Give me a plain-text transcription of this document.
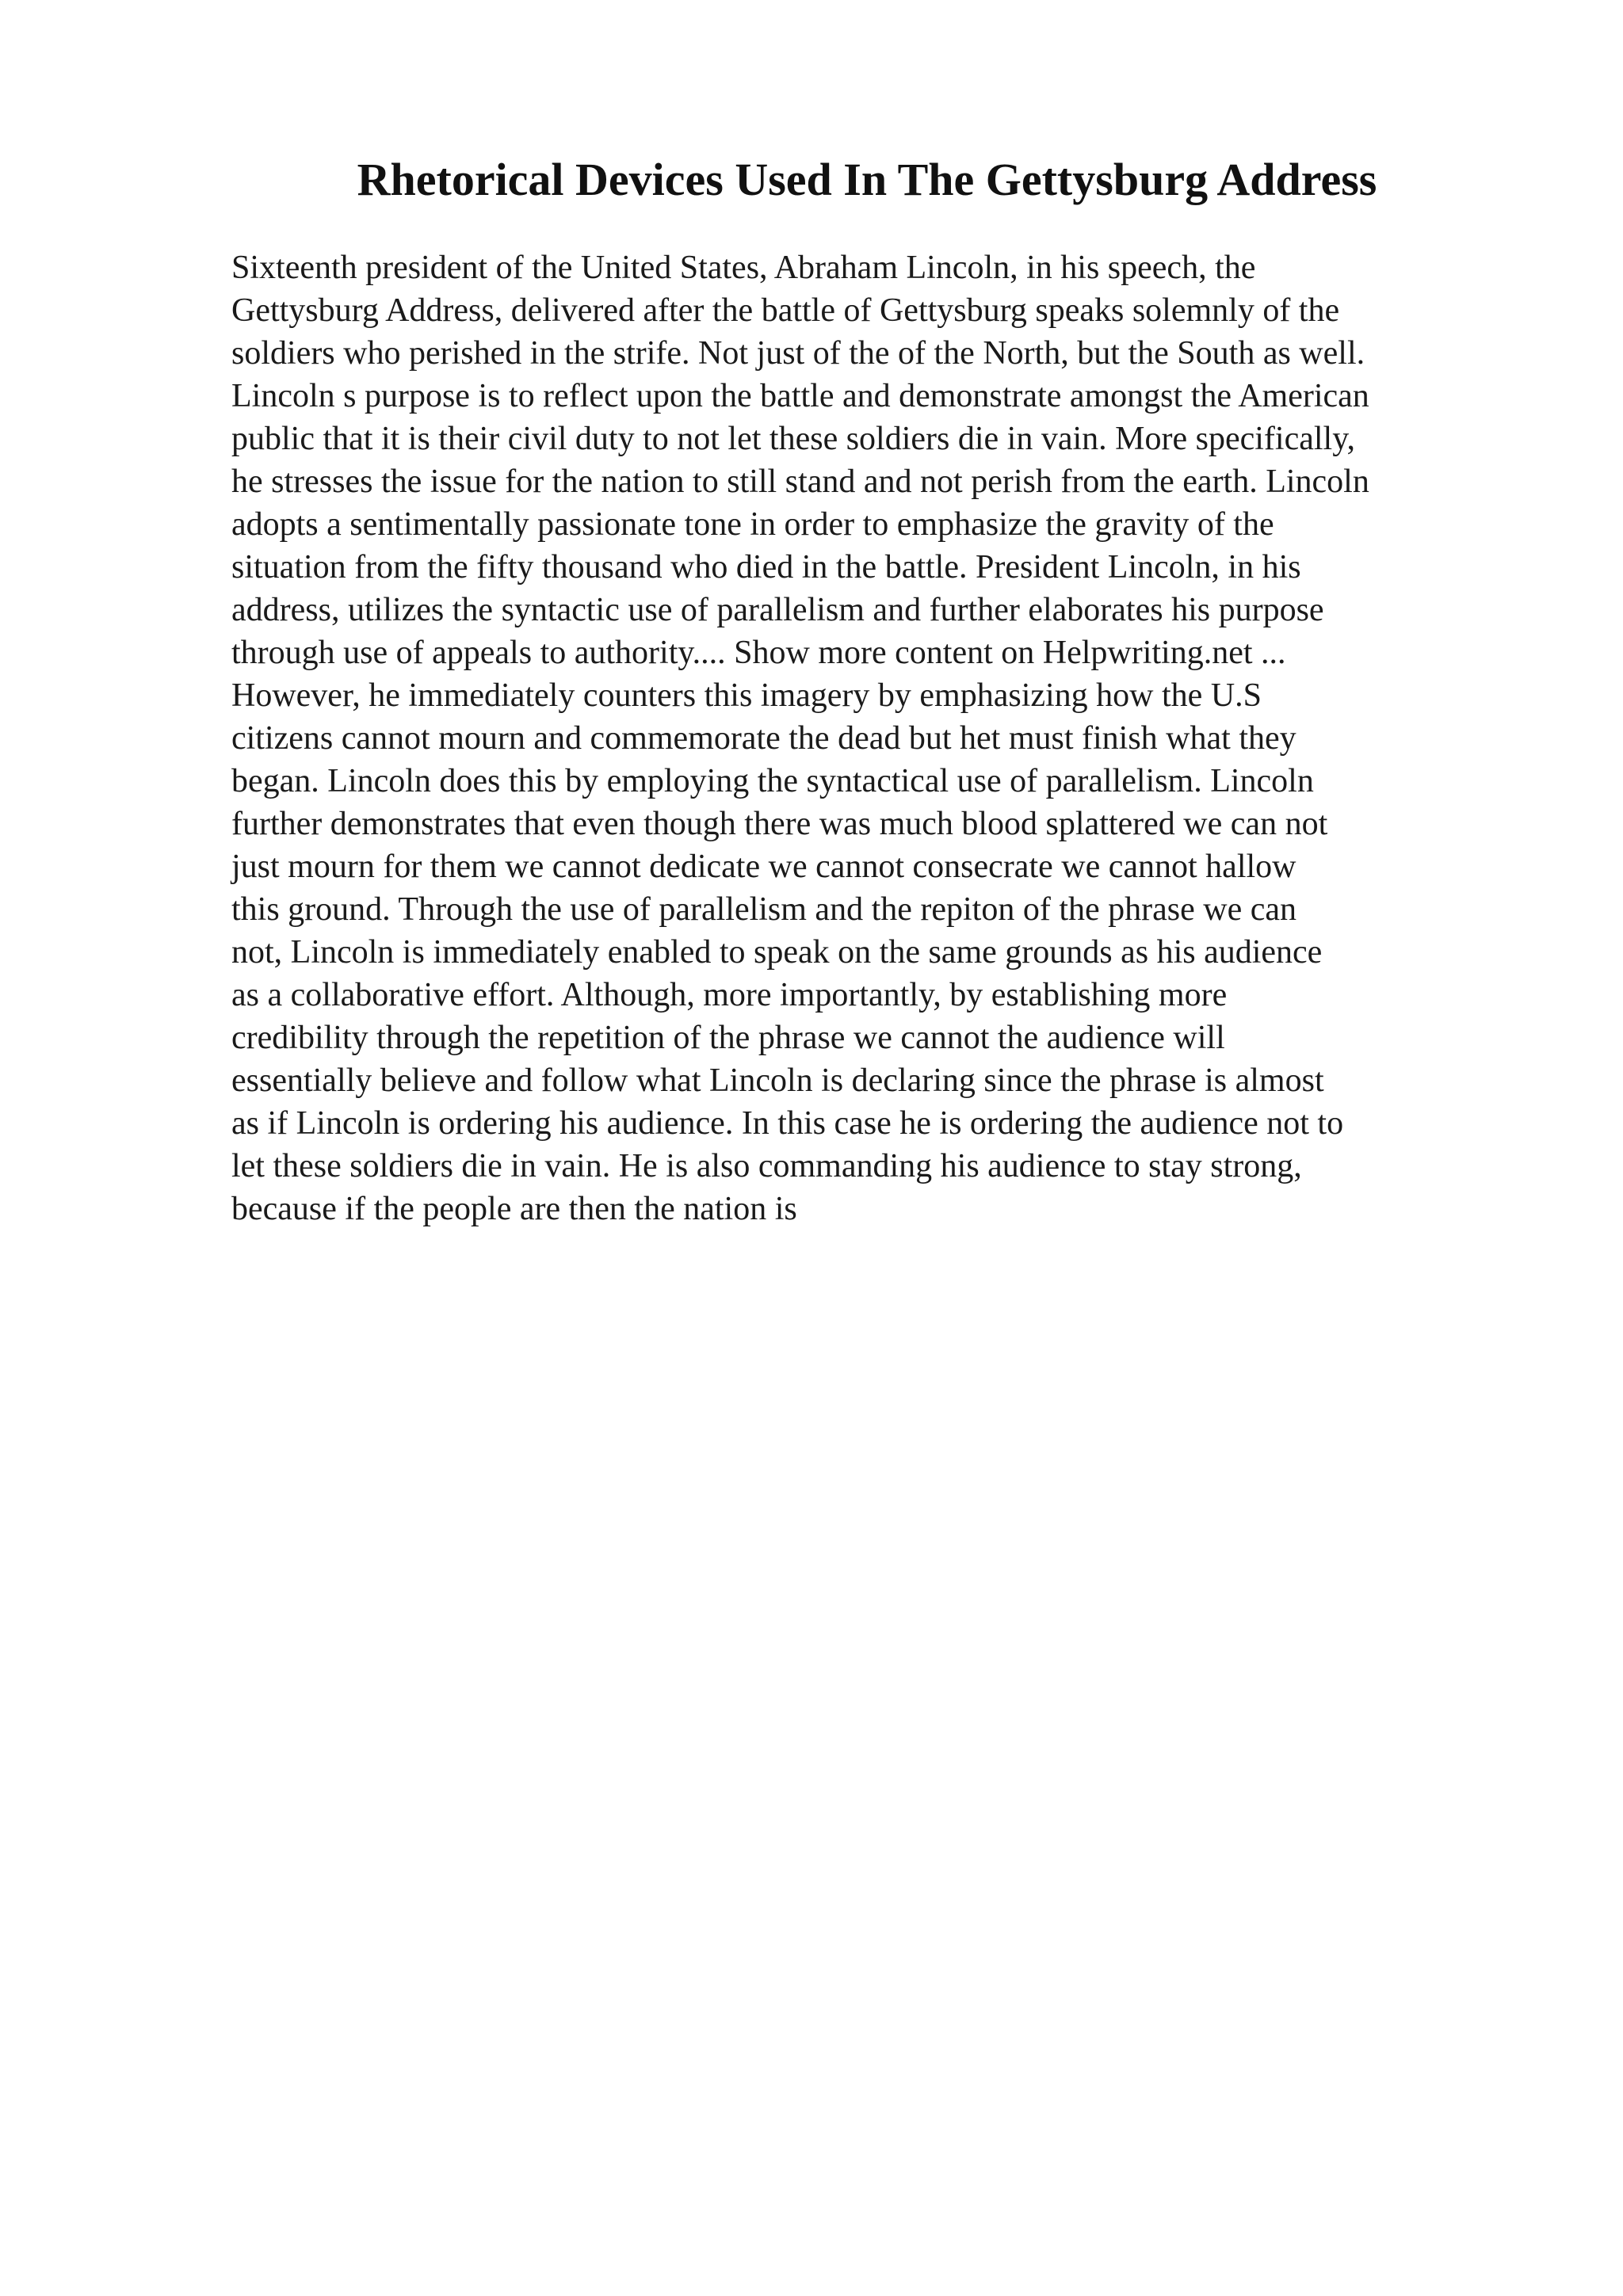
Rhetorical Devices Used In The Gettysburg Address
Sixteenth president of the United States, Abraham Lincoln, in his speech, the
Gettysburg Address, delivered after the battle of Gettysburg speaks solemnly of the
soldiers who perished in the strife. Not just of the of the North, but the South as well.
Lincoln s purpose is to reflect upon the battle and demonstrate amongst the American
public that it is their civil duty to not let these soldiers die in vain. More specifically,
he stresses the issue for the nation to still stand and not perish from the earth. Lincoln
adopts a sentimentally passionate tone in order to emphasize the gravity of the
situation from the fifty thousand who died in the battle. President Lincoln, in his
address, utilizes the syntactic use of parallelism and further elaborates his purpose
through use of appeals to authority.... Show more content on Helpwriting.net ...
However, he immediately counters this imagery by emphasizing how the U.S
citizens cannot mourn and commemorate the dead but het must finish what they
began. Lincoln does this by employing the syntactical use of parallelism. Lincoln
further demonstrates that even though there was much blood splattered we can not
just mourn for them we cannot dedicate we cannot consecrate we cannot hallow
this ground. Through the use of parallelism and the repiton of the phrase we can
not, Lincoln is immediately enabled to speak on the same grounds as his audience
as a collaborative effort. Although, more importantly, by establishing more
credibility through the repetition of the phrase we cannot the audience will
essentially believe and follow what Lincoln is declaring since the phrase is almost
as if Lincoln is ordering his audience. In this case he is ordering the audience not to
let these soldiers die in vain. He is also commanding his audience to stay strong,
because if the people are then the nation is
